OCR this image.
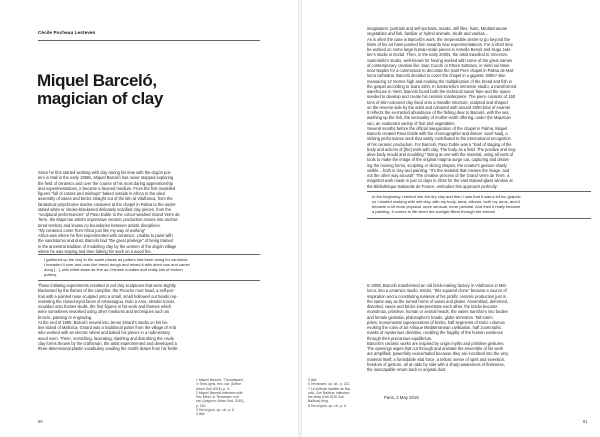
Cécile Pocheau Lesteven
Miquel Barceló,
magician of clay

Since he first started working with clay during his time with the dogón pot-

ters in Mali in the early 1990s, Miquel Barceló has never stopped exploring

the field of ceramics and over the course of his most daring apprenticeship

and experimentations, it became a favored medium. From the first modelled

figures "full of cracks and mishaps" baked outside in Africa to the oiled

assembly of vases and bricks straight out of the kiln at Vilafranca, from the

fantastical polychrome marine creatures at the chapel in Palma to the under-

stated white or smoke-blackened delicately scarified clay pieces, from the

"sculptural performances" of Paso Doble to the colour-washed Grand Verre de

Terre, the Majorcan artist's impressive ceramic production moves into unchar-

tered territory and knows no boundaries between artistic disciplines.

"My ceramics come from Africa just like my way of working"

Africa was where he first experimented with ceramics. Unable to paint with

the sandstorms and dust, Barceló had "the great privilege" of being trained

in the ancestral tradition of modelling clay by the women of the dogón village

where he was staying and then baking his work on a wood fire.

I gathered up the clay in the same places as potters had been doing for centuries.

I kneaded it over and over like bread dough and mixed it with dried cow and camel

dung [...], with millet straw as fine as Chinese noodles and really lots of broken

pottery.

These initiating experiments resulted in red clay sculptures that were slightly

blackened by the flames of the campfire: the Pinocho mort head, a self-por-

trait with a pointed nose sculpted onto a small, small hollowed out heads rep-

resenting the closed-eyed faces of Amassagou, Dolo a Amo, slender torsos

moulded onto horses skulls, the first figures in his work and themes which

were sometimes reworked using other mediums and techniques such as

bronze, painting or engraving.

At the end of 1995, Barceló moved into Jeroni Sinard's studio on his na-

tive island of Mallorca. Ginard was a traditional potter from the village of Artà

who worked with an electric wheel and baked his pieces in a rudimentary

wood oven. There, scratching, lacerating, slashing and disturbing the crude

clay forms thrown by the craftsman, the artist experimented and developed a

three-dimensional plastic vocabulary evading the motifs drawn from his fertile

1 Miquel Barceló, "Ceramiques",

in Terra ignis, exh. cat. (Defne

Arbos Gull 2013), p. 3.

2 Miquel Barceló interview with

Eric Mézil, in Terramare, exh.

cat. (Avignon: Actes Sud, 2010),

p. 240.

3 Terra Ignis, op. cit., p. 6.

4 Ibid.

60

imagination: portraits and self-portraits, masks, still lifes, fruits, Mediterranean

vegetables and fish, familiar or hybrid animals, skulls and vanitas...

As is often the case in Barceló's work, the irrepressible desire to go beyond the

limits of his art have pushed him towards new experimentations. For a short time

he worked on some large human-scale pieces in Armelle Benoit and Hugo Jakr-

ber's studio in Dortal. Then, in the early 2000s, the artist travelled to Vincenzo

Santoriello's studio, well-known for having worked with some of the great names

of contemporary creation like Joan Cucchi or Ettore Sottsass, in Vietri sul Mare

near Naples for a commission to decorate the Sant Pere chapel in Palma de Mal-

lorca cathedral. Barceló decided to cover the chapel in a gigantic 300m² skin

measuring 12 metres high and evoking the multiplication of the bread and fish in

the gospel according to Saint John. In Santoriello's immense studio, a transformed

warehouse in Vietri, Barceló found both the technical savoir faire and the space

needed to develop and create his ceramic masterpiece. The piece consists of 150

tons of skin-coloured clay fixed onto a metallic structure, sculpted and shaped

on the reverse side by the artist and coloured with around 2000 kilos of enamel.

It reflects the ex-tracted abundance of the fishing dear to Barceló, with the sea

washing up the fish, the sensuality of mother-earth offering, under the Majorcan

sun, an exuberant variety of fruit and vegetables.

Several months before the official inauguration of the chapel in Palma, Miquel

Barceló created Paso Doble with the choreographer and dancer Josef Nadj, a

striking performance work that vastly contributed to the international recognition

of his ceramic production. For Barceló, Paso Doble was a "kind of staging of the

body and actions of [the] work with clay. The body as a field. The positive and neg-

ative body mould and moulding." Being at one with the material, using all sorts of

tools to make the image of the original magma surge out, capturing and distort-

ing the moving forms, sculpting or slicing shapes, the creator's gesture slowly

visible... both in clay and painting. "It's the material that creates the image, and

not the other way around!" The creative process of the Grand Verre de Terre, a

magistral work made in just 12 days in 2016 for the vast stained-glass window at

the Bibliothèque Nationale de France, embodies this approach perfectly:

In the beginning I etched into the dry clay and then I saw that it was a bit too graphic

so I started working with wet clay, with my body, arms, elbows, both my arms, and it

became a lot more physical, more sensual, more pictorial. And then it really became

a painting, it comes to life when the sunlight filters through the thread!

In 2008, Barceló transformed an old brick-making factory in Vilafranca in Mal-

lorca, into a ceramics studio. Bricks, "this squared clone" became a source of

inspiration and a constituting material of his prolific ceramic production just in

the same way as the turned forms of vases and plates. Assembled, deformed,

distorted, vases and bricks interpenetrate each other, the bricks become

monstrous, primitive, human or animal heads, the vases transform into bodies

and female genitalia, philosopher's heads, globe terrestres. Tall totem

poles, monumental superpositions of bricks, half segments of Doric columns

evoking the ruins of an Antique Mediterranean civilisation, half zoomorphic

masks of mysterious divinities, recalling the fragility of the human existence

through their precarious equilibrium.

Barceló's ceramic works are inspired by origin myths and primitive gestures.

The openings wipes that cut through and animate the ensemble of his work

are amplified, powerfully exacerbated because they are inscribed into the very

material itself, a formidable vital force, a telluric sense of spirit and invention,

freedom of gesture, all at odds by side with a sharp awareness of finiteness,

the inescapable return back to original dust.

5 Ibid.

6 Terramare, op. cit., p. 221.

7 Le solitude habitée de Bar-

celo, Zoé Balthus, interview

the artist (Fall 2016 Zoé

Balthus) blog.

8 Terra Ignis, op. cit., p. 6.

Paris, 2 May 2019
61
